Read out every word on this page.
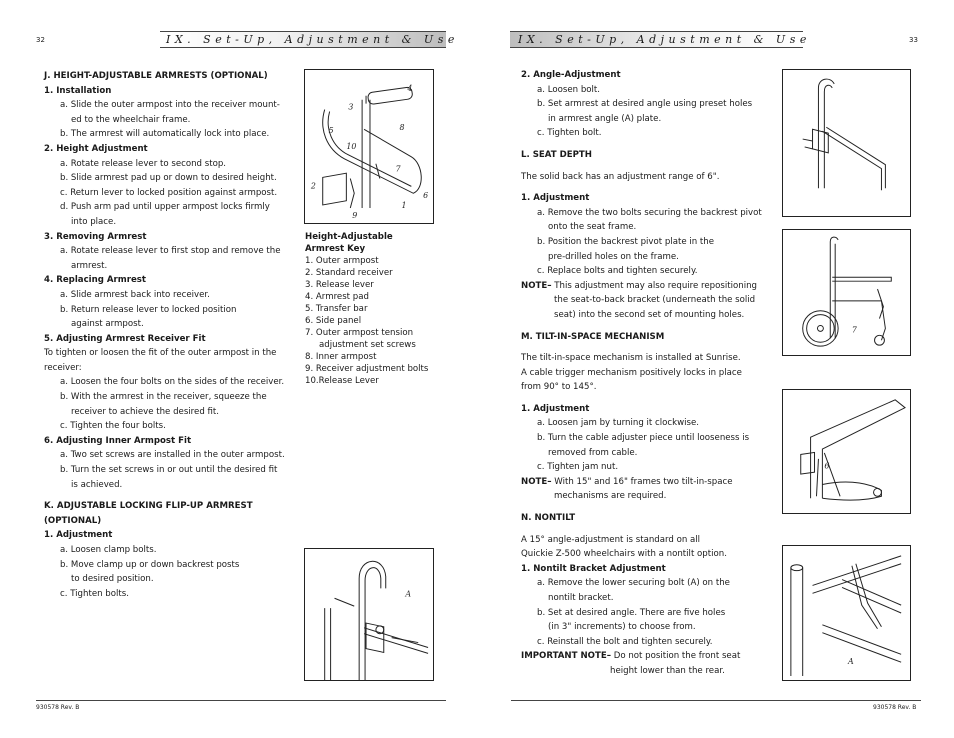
32	IX. Set-Up, Adjustment & Use

J. HEIGHT-ADJUSTABLE ARMRESTS (OPTIONAL)

1. Installation

a. Slide the outer armpost into the receiver mount-

ed to the wheelchair frame.

b. The armrest will automatically lock into place.

2. Height Adjustment

a. Rotate release lever to second stop.

b. Slide armrest pad up or down to desired height.

c. Return lever to locked position against armpost.

d. Push arm pad until upper armpost locks firmly

into place.

3. Removing Armrest

a. Rotate release lever to first stop and remove the

armrest.

4. Replacing Armrest

a. Slide armrest back into receiver.

b. Return release lever to locked position

against armpost.

5. Adjusting Armrest Receiver Fit

To tighten or loosen the fit of the outer armpost in the receiver:

a. Loosen the four bolts on the sides of the receiver.

b. With the armrest in the receiver, squeeze the

receiver to achieve the desired fit.

c. Tighten the four bolts.

6. Adjusting Inner Armpost Fit

a. Two set screws are installed in the outer armpost.

b. Turn the set screws in or out until the desired fit

is achieved.

K. ADJUSTABLE LOCKING FLIP-UP ARMREST (OPTIONAL)

1. Adjustment

a. Loosen clamp bolts.

b. Move clamp up or down backrest posts

to desired position.

c. Tighten bolts.

1
2
3
4
5
6
7
8
9
10

Height-Adjustable

Armrest Key

1. Outer armpost

2. Standard receiver

3. Release lever

4. Armrest pad

5. Transfer bar

6. Side panel

7. Outer armpost tension

adjustment set screws

8. Inner armpost

9. Receiver adjustment bolts

10.Release Lever

A
930578 Rev. B
IX. Set-Up, Adjustment & Use	33

2. Angle-Adjustment

a. Loosen bolt.

b. Set armrest at desired angle using preset holes

in armrest angle (A) plate.

c. Tighten bolt.

L. SEAT DEPTH

The solid back has an adjustment range of 6".

1. Adjustment

a. Remove the two bolts securing the backrest pivot

onto the seat frame.

b. Position the backrest pivot plate in the

pre-drilled holes on the frame.

c. Replace bolts and tighten securely.

NOTE– This adjustment may also require repositioning

the seat-to-back bracket (underneath the solid

seat) into the second set of mounting holes.

M. TILT-IN-SPACE MECHANISM

The tilt-in-space mechanism is installed at Sunrise.

A cable trigger mechanism positively locks in place

from 90° to 145°.

1. Adjustment

a. Loosen jam by turning it clockwise.

b. Turn the cable adjuster piece until looseness is

removed from cable.

c. Tighten jam nut.

NOTE– With 15" and 16" frames two tilt-in-space

mechanisms are required.

N. NONTILT

A 15° angle-adjustment is standard on all

Quickie Z-500 wheelchairs with a nontilt option.

1. Nontilt Bracket Adjustment

a. Remove the lower securing bolt (A) on the

nontilt bracket.

b. Set at desired angle. There are five holes

(in 3" increments) to choose from.

c. Reinstall the bolt and tighten securely.

IMPORTANT NOTE– Do not position the front seat

height lower than the rear.

7
6
A
930578 Rev. B
